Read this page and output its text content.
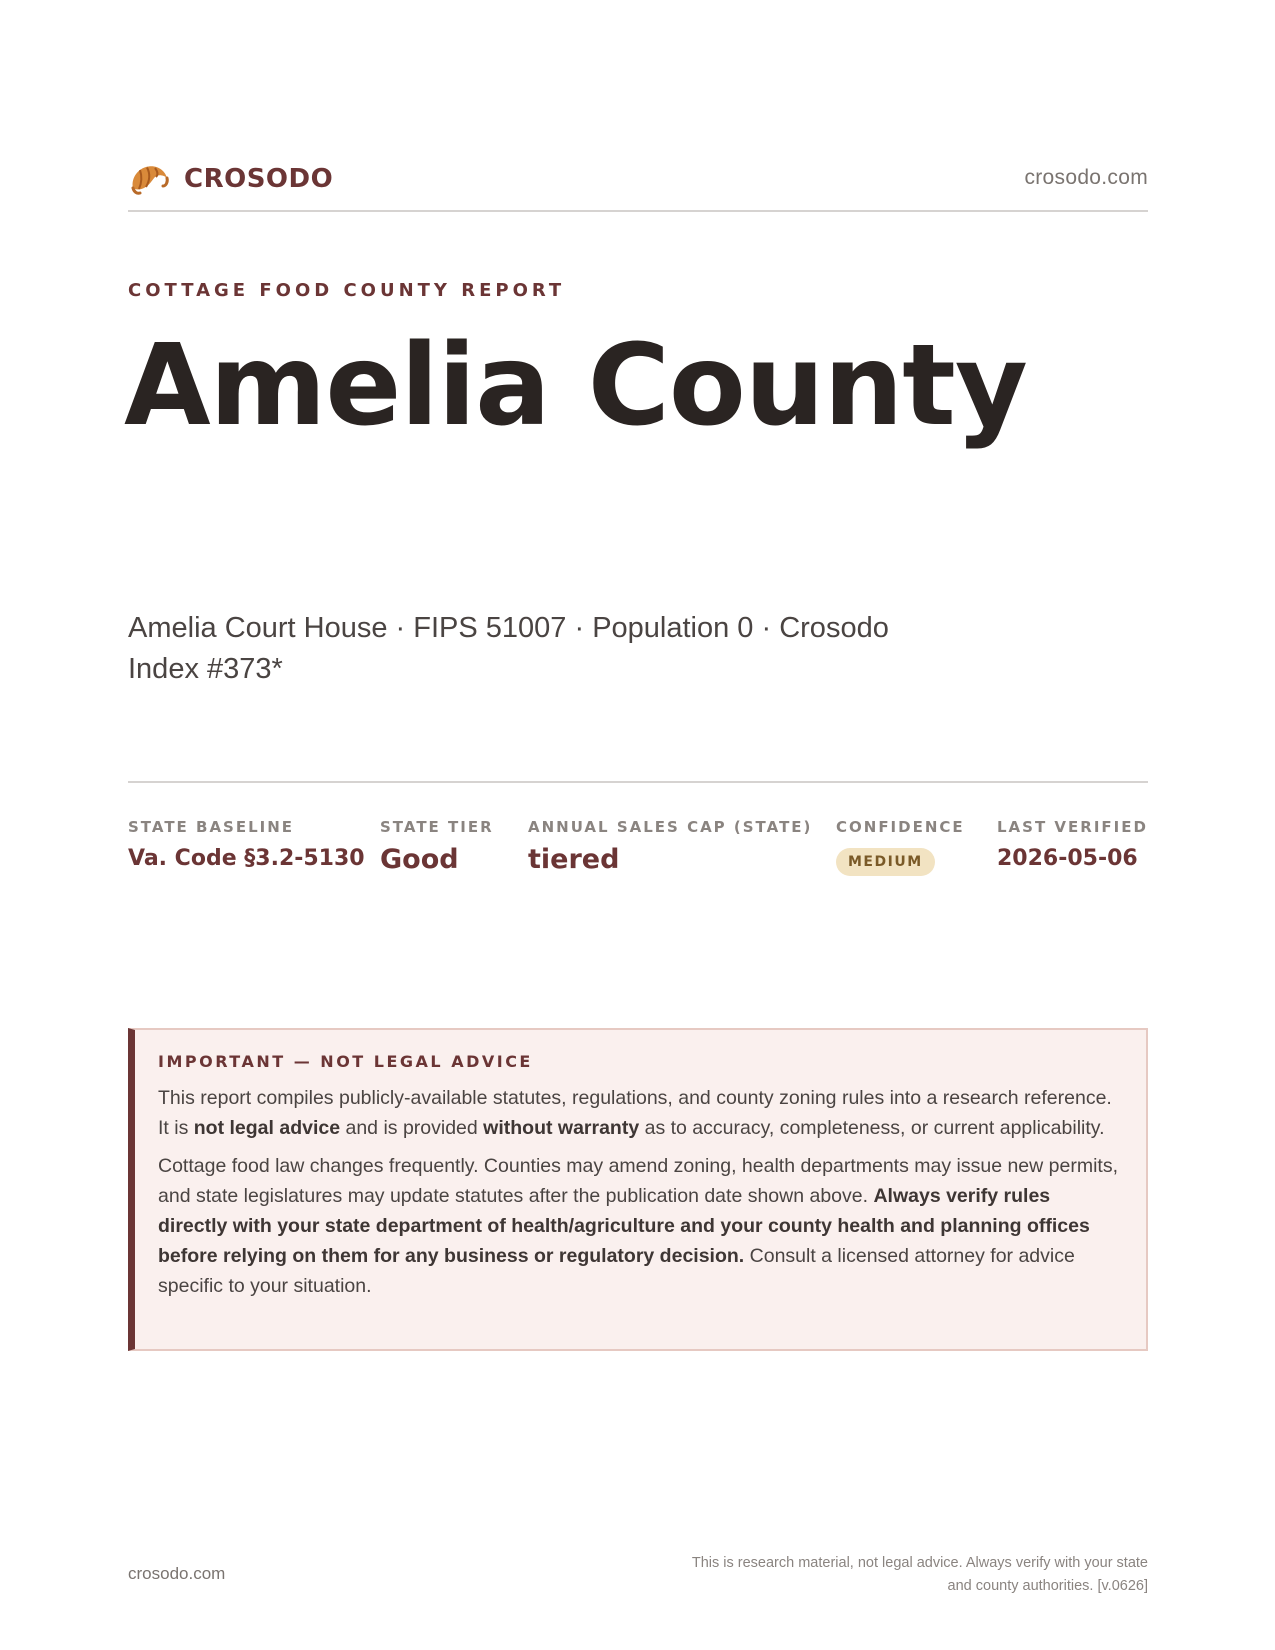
CROSODO	crosodo.com
COTTAGE FOOD COUNTY REPORT
Amelia County
Amelia Court House · FIPS 51007 · Population 0 · Crosodo Index #373*
STATE BASELINE
Va. Code §3.2-5130
STATE TIER
Good
ANNUAL SALES CAP (STATE)
tiered
CONFIDENCE
MEDIUM
LAST VERIFIED
2026-05-06
IMPORTANT — NOT LEGAL ADVICE

This report compiles publicly-available statutes, regulations, and county zoning rules into a research reference. It is not legal advice and is provided without warranty as to accuracy, completeness, or current applicability.

Cottage food law changes frequently. Counties may amend zoning, health departments may issue new permits, and state legislatures may update statutes after the publication date shown above. Always verify rules directly with your state department of health/agriculture and your county health and planning offices before relying on them for any business or regulatory decision. Consult a licensed attorney for advice specific to your situation.

crosodo.com
This is research material, not legal advice. Always verify with your state
and county authorities. [v.0626]
